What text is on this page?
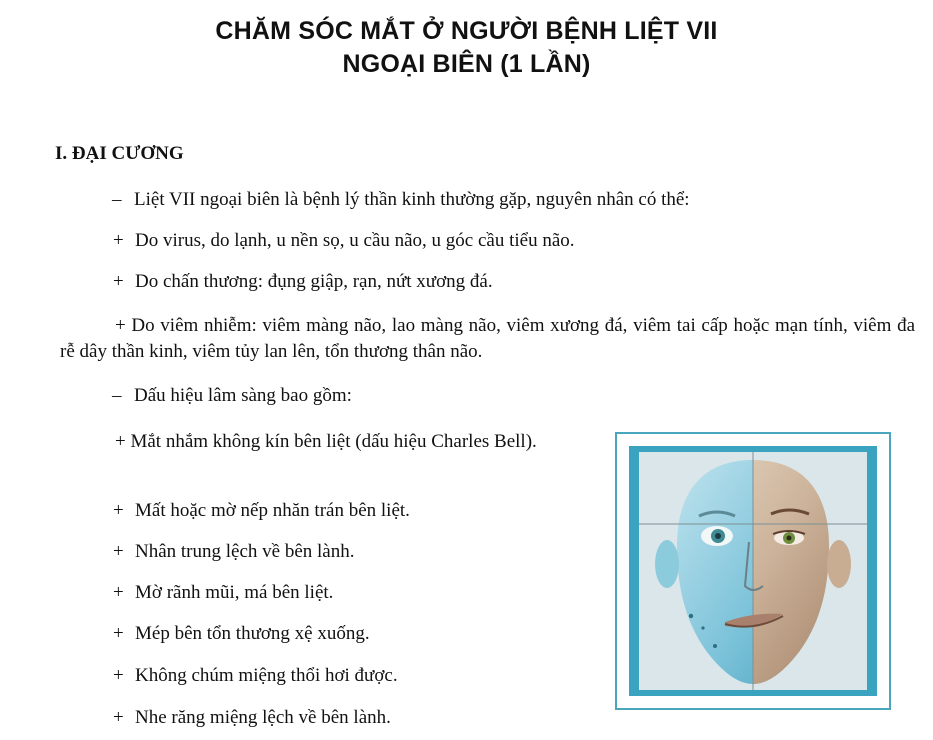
CHĂM SÓC MẮT Ở NGƯỜI BỆNH LIỆT VII
NGOẠI BIÊN (1 LẦN)
I. ĐẠI CƯƠNG
– Liệt VII ngoại biên là bệnh lý thần kinh thường gặp, nguyên nhân có thể:
+ Do virus, do lạnh, u nền sọ, u cầu não, u góc cầu tiểu não.
+ Do chấn thương: đụng giập, rạn, nứt xương đá.
+ Do viêm nhiễm: viêm màng não, lao màng não, viêm xương đá, viêm tai cấp hoặc mạn tính, viêm đa rễ dây thần kinh, viêm tủy lan lên, tổn thương thân não.
– Dấu hiệu lâm sàng bao gồm:
+ Mắt nhắm không kín bên liệt (dấu hiệu Charles Bell).
+ Mất hoặc mờ nếp nhăn trán bên liệt.
+ Nhân trung lệch về bên lành.
+ Mờ rãnh mũi, má bên liệt.
+ Mép bên tổn thương xệ xuống.
+ Không chúm miệng thổi hơi được.
+ Nhe răng miệng lệch về bên lành.
